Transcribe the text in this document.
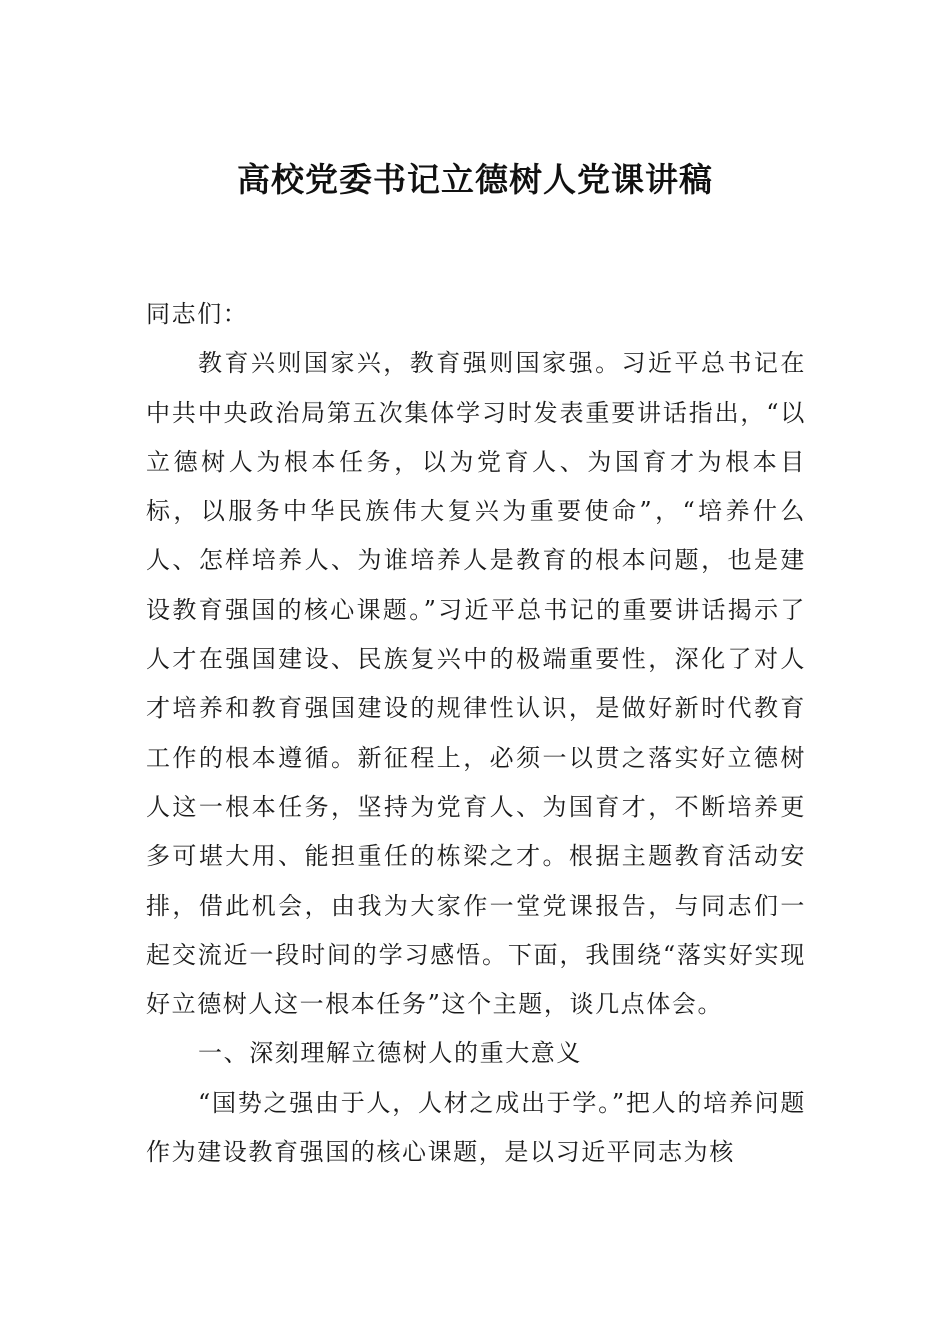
高校党委书记立德树人党课讲稿

同志们：

教育兴则国家兴，教育强则国家强。习近平总书记在中共中央政治局第五次集体学习时发表重要讲话指出，“以立德树人为根本任务，以为党育人、为国育才为根本目标，以服务中华民族伟大复兴为重要使命”，“培养什么人、怎样培养人、为谁培养人是教育的根本问题，也是建设教育强国的核心课题。”习近平总书记的重要讲话揭示了人才在强国建设、民族复兴中的极端重要性，深化了对人才培养和教育强国建设的规律性认识，是做好新时代教育工作的根本遵循。新征程上，必须一以贯之落实好立德树人这一根本任务，坚持为党育人、为国育才，不断培养更多可堪大用、能担重任的栋梁之才。根据主题教育活动安排，借此机会，由我为大家作一堂党课报告，与同志们一起交流近一段时间的学习感悟。下面，我围绕“落实好实现好立德树人这一根本任务”这个主题，谈几点体会。

一、深刻理解立德树人的重大意义

“国势之强由于人，人材之成出于学。”把人的培养问题作为建设教育强国的核心课题，是以习近平同志为核
